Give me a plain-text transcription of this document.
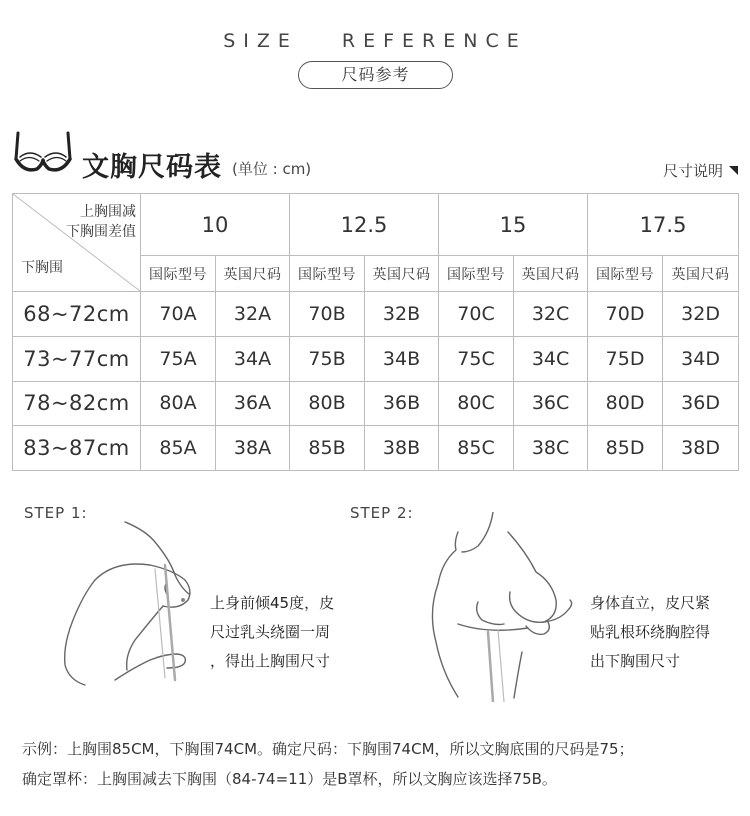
SIZE REFERENCE
尺码参考
文胸尺码表 (单位 : cm)	尺寸说明
上胸围减
下胸围差值
下胸围	10		12.5		15		17.5	
	国际型号	英国尺码	国际型号	英国尺码	国际型号	英国尺码	国际型号	英国尺码
68~72cm	70A	32A	70B	32B	70C	32C	70D	32D
73~77cm	75A	34A	75B	34B	75C	34C	75D	34D
78~82cm	80A	36A	80B	36B	80C	36C	80D	36D
83~87cm	85A	38A	85B	38B	85C	38C	85D	38D
STEP 1:
上身前倾45度，皮
尺过乳头绕圈一周
，得出上胸围尺寸
STEP 2:
身体直立，皮尺紧
贴乳根环绕胸腔得
出下胸围尺寸
示例：上胸围85CM，下胸围74CM。确定尺码：下胸围74CM，所以文胸底围的尺码是75；
确定罩杯：上胸围减去下胸围（84-74=11）是B罩杯，所以文胸应该选择75B。
